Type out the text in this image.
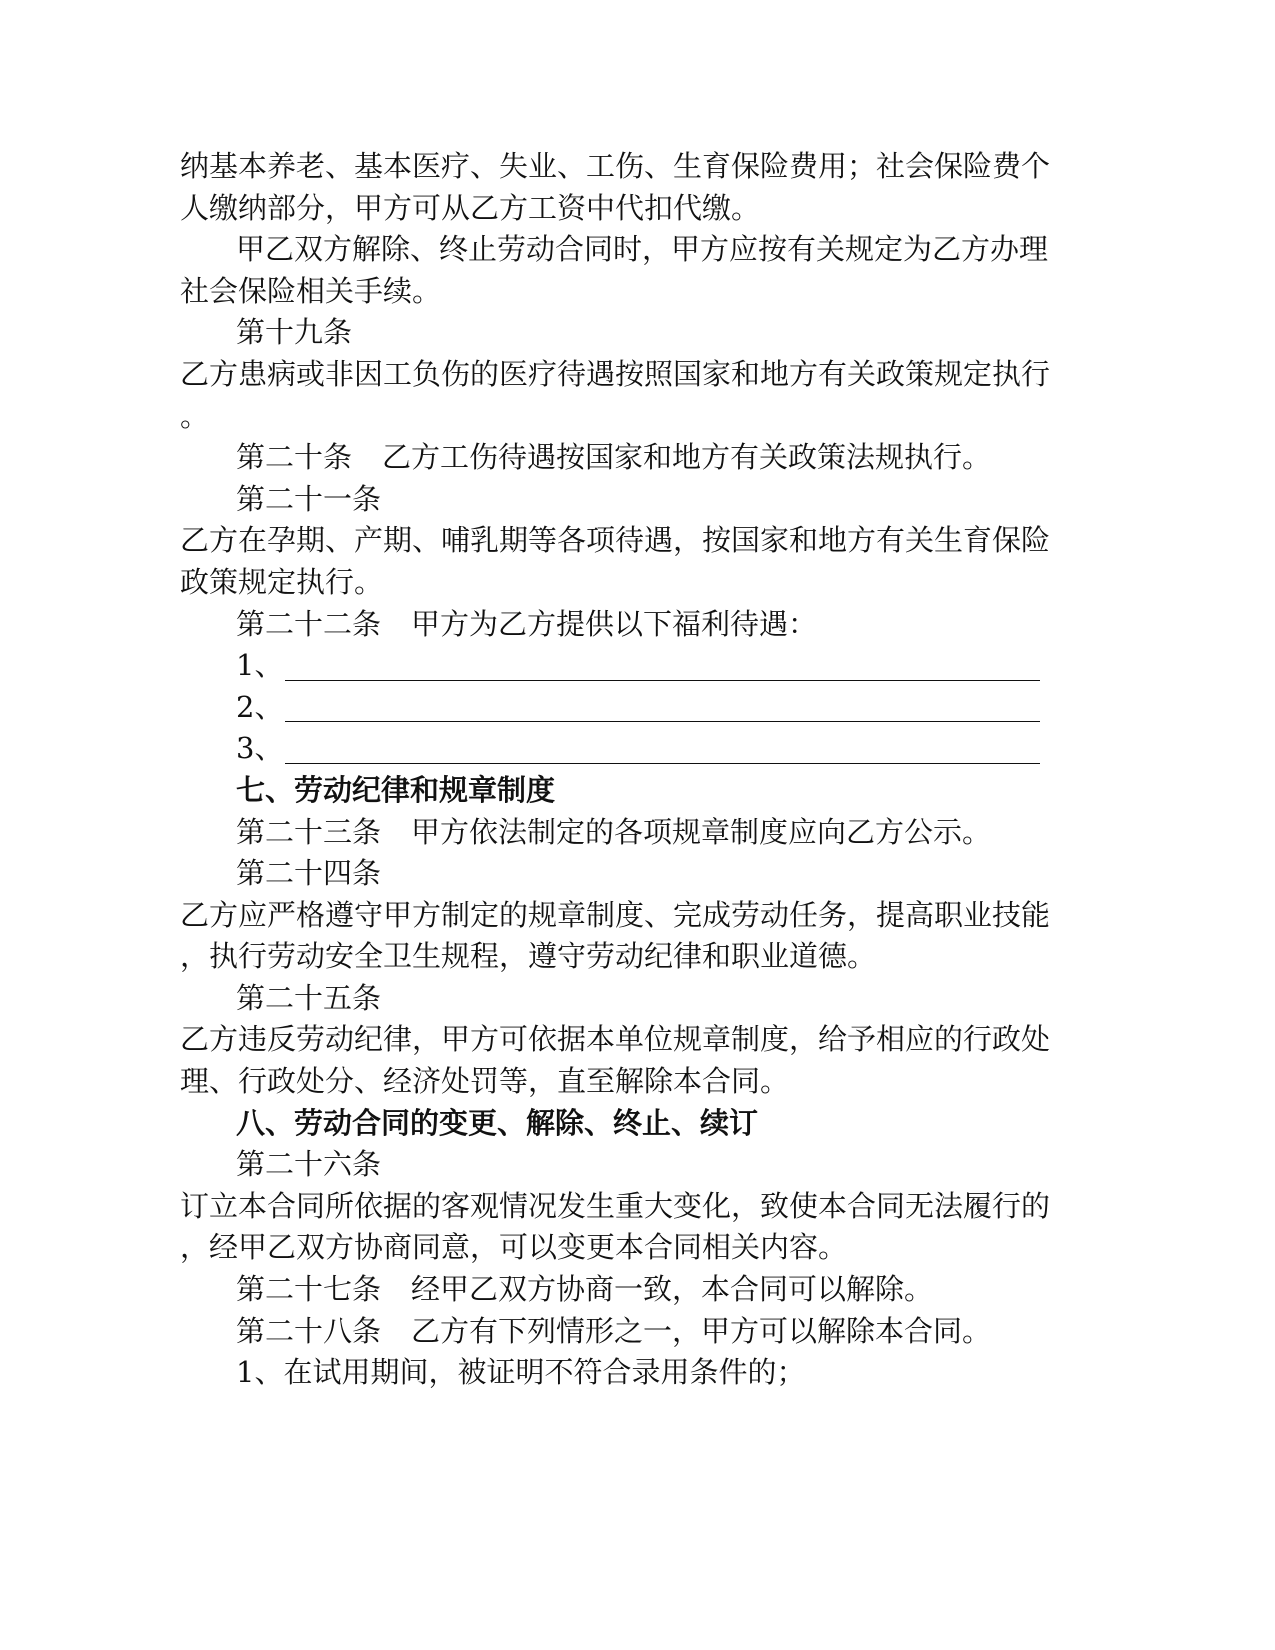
纳基本养老、基本医疗、失业、工伤、生育保险费用；社会保险费个
人缴纳部分，甲方可从乙方工资中代扣代缴。
甲乙双方解除、终止劳动合同时，甲方应按有关规定为乙方办理
社会保险相关手续。
第十九条
乙方患病或非因工负伤的医疗待遇按照国家和地方有关政策规定执行
。
第二十条 乙方工伤待遇按国家和地方有关政策法规执行。
第二十一条
乙方在孕期、产期、哺乳期等各项待遇，按国家和地方有关生育保险
政策规定执行。
第二十二条 甲方为乙方提供以下福利待遇：
1、
2、
3、
七、劳动纪律和规章制度
第二十三条 甲方依法制定的各项规章制度应向乙方公示。
第二十四条
乙方应严格遵守甲方制定的规章制度、完成劳动任务，提高职业技能
，执行劳动安全卫生规程，遵守劳动纪律和职业道德。
第二十五条
乙方违反劳动纪律，甲方可依据本单位规章制度，给予相应的行政处
理、行政处分、经济处罚等，直至解除本合同。
八、劳动合同的变更、解除、终止、续订
第二十六条
订立本合同所依据的客观情况发生重大变化，致使本合同无法履行的
，经甲乙双方协商同意，可以变更本合同相关内容。
第二十七条 经甲乙双方协商一致，本合同可以解除。
第二十八条 乙方有下列情形之一，甲方可以解除本合同。
1、在试用期间，被证明不符合录用条件的；
